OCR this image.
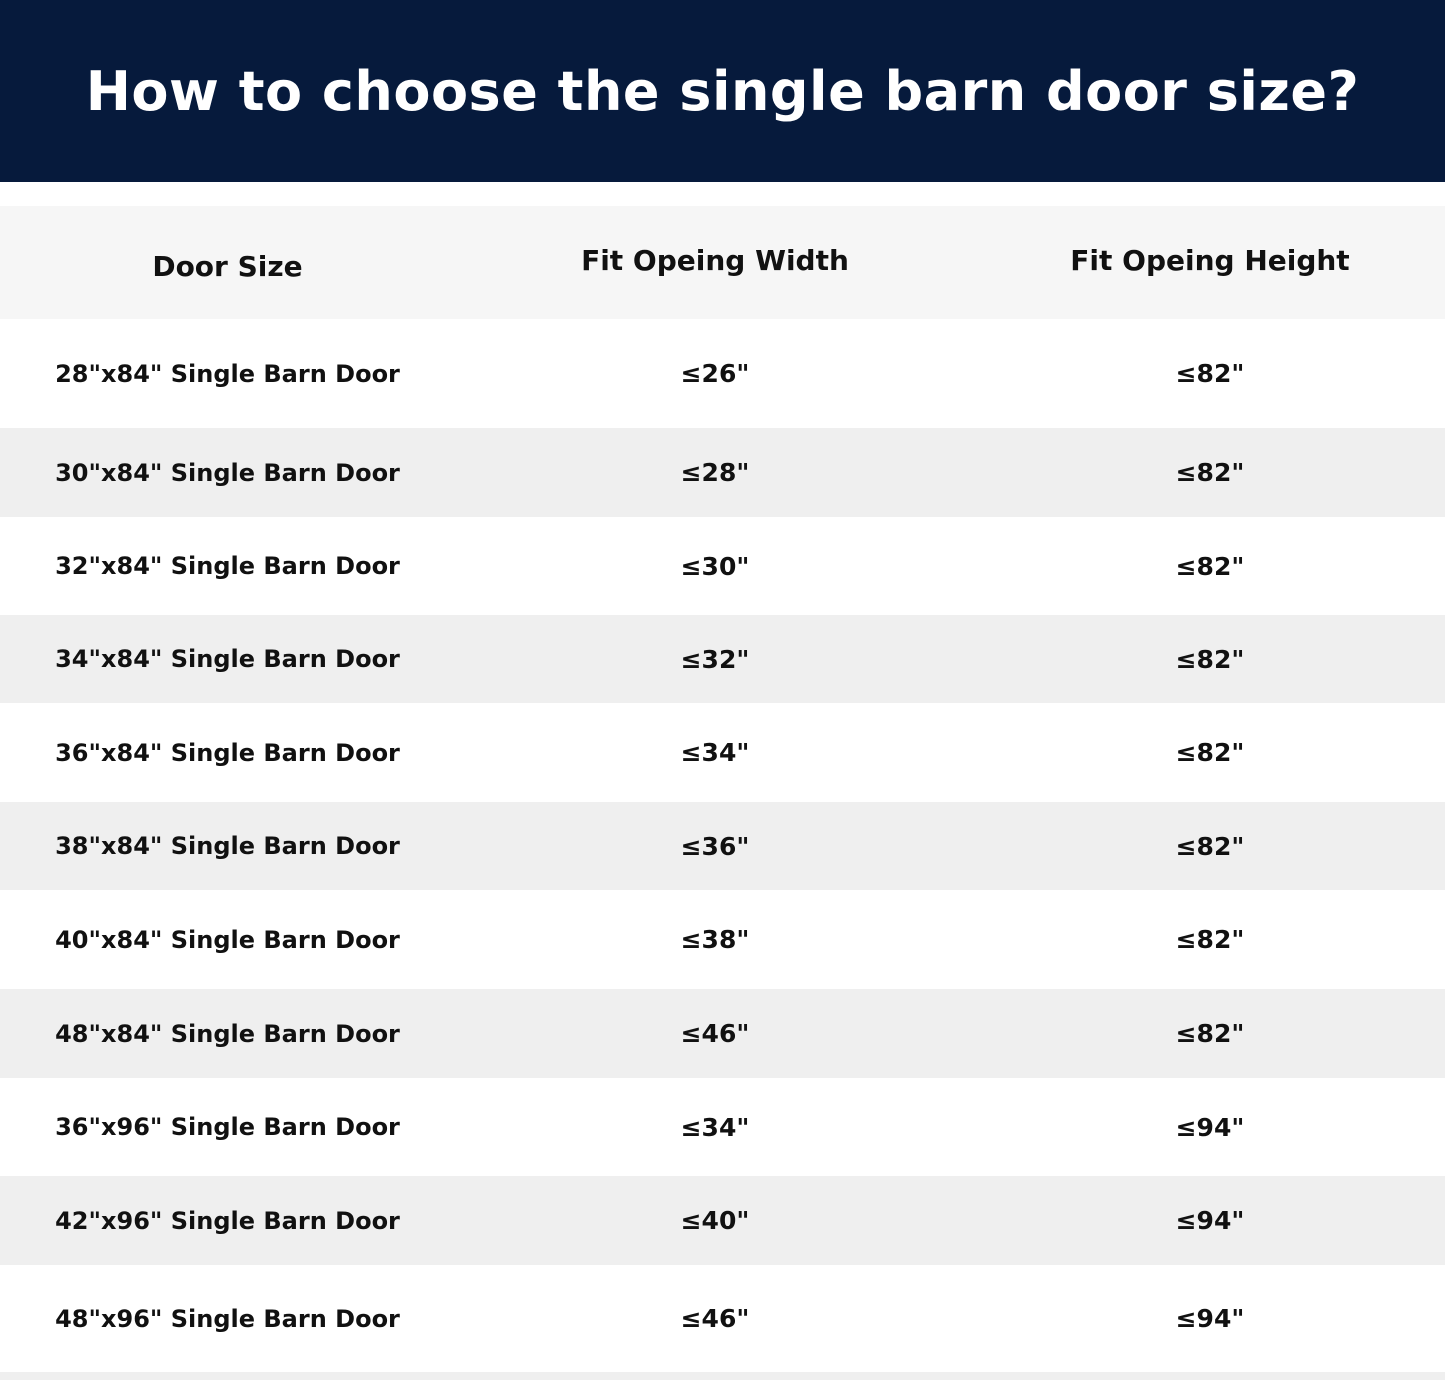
How to choose the single barn door size?
Door Size	Fit Opeing Width	Fit Opeing Height
28"x84" Single Barn Door	≤26"	≤82"
30"x84" Single Barn Door	≤28"	≤82"
32"x84" Single Barn Door	≤30"	≤82"
34"x84" Single Barn Door	≤32"	≤82"
36"x84" Single Barn Door	≤34"	≤82"
38"x84" Single Barn Door	≤36"	≤82"
40"x84" Single Barn Door	≤38"	≤82"
48"x84" Single Barn Door	≤46"	≤82"
36"x96" Single Barn Door	≤34"	≤94"
42"x96" Single Barn Door	≤40"	≤94"
48"x96" Single Barn Door	≤46"	≤94"
